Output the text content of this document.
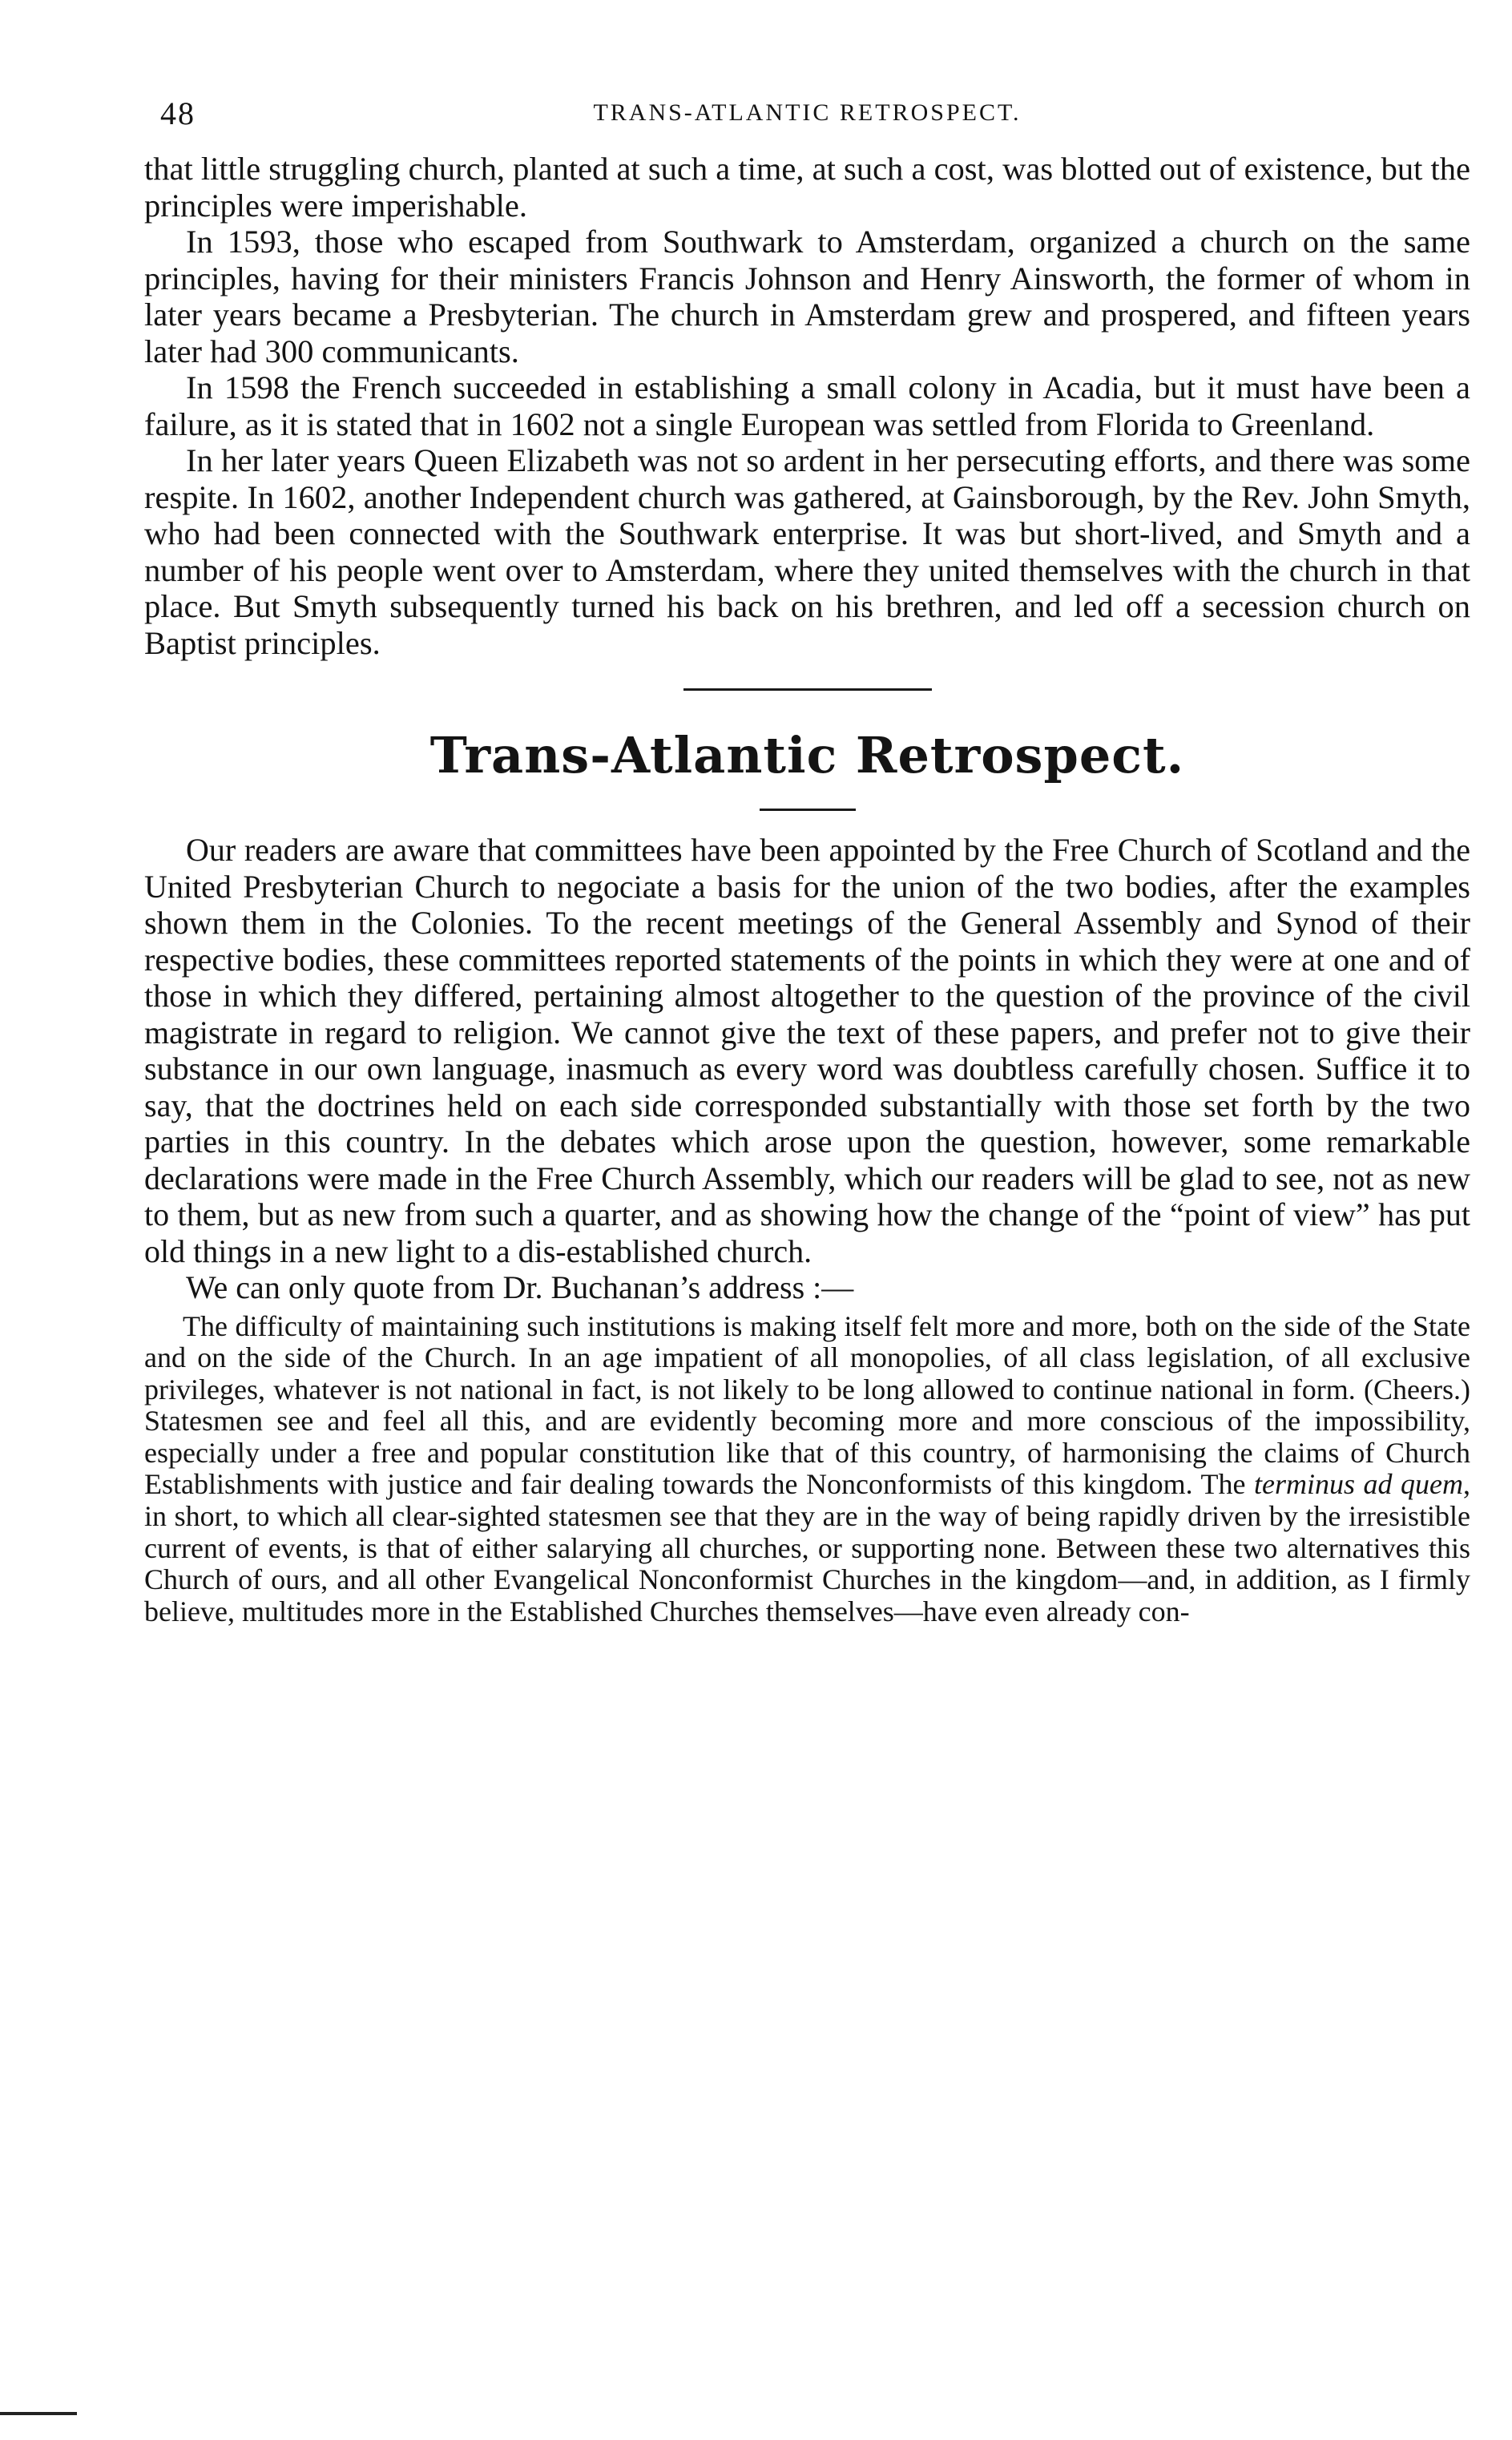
48	TRANS-ATLANTIC RETROSPECT.

that little struggling church, planted at such a time, at such a cost, was blotted out of existence, but the principles were imperishable.

In 1593, those who escaped from Southwark to Amsterdam, organized a church on the same principles, having for their ministers Francis Johnson and Henry Ainsworth, the former of whom in later years became a Presbyterian. The church in Amsterdam grew and prospered, and fifteen years later had 300 communicants.

In 1598 the French succeeded in establishing a small colony in Acadia, but it must have been a failure, as it is stated that in 1602 not a single European was settled from Florida to Greenland.

In her later years Queen Elizabeth was not so ardent in her persecuting efforts, and there was some respite. In 1602, another Independent church was gathered, at Gainsborough, by the Rev. John Smyth, who had been connected with the Southwark enterprise. It was but short-lived, and Smyth and a number of his people went over to Amsterdam, where they united themselves with the church in that place. But Smyth subsequently turned his back on his brethren, and led off a secession church on Baptist principles.

Trans-Atlantic Retrospect.

Our readers are aware that committees have been appointed by the Free Church of Scotland and the United Presbyterian Church to negociate a basis for the union of the two bodies, after the examples shown them in the Colonies. To the recent meetings of the General Assembly and Synod of their respective bodies, these committees reported statements of the points in which they were at one and of those in which they differed, pertaining almost altogether to the question of the province of the civil magistrate in regard to religion. We cannot give the text of these papers, and prefer not to give their substance in our own language, inasmuch as every word was doubtless carefully chosen. Suffice it to say, that the doctrines held on each side corresponded substantially with those set forth by the two parties in this country. In the debates which arose upon the question, however, some remarkable declarations were made in the Free Church Assembly, which our readers will be glad to see, not as new to them, but as new from such a quarter, and as showing how the change of the “point of view” has put old things in a new light to a dis-established church.

We can only quote from Dr. Buchanan’s address :—

The difficulty of maintaining such institutions is making itself felt more and more, both on the side of the State and on the side of the Church. In an age impatient of all monopolies, of all class legislation, of all exclusive privileges, whatever is not national in fact, is not likely to be long allowed to continue national in form. (Cheers.) Statesmen see and feel all this, and are evidently becoming more and more conscious of the impossibility, especially under a free and popular constitution like that of this country, of harmonising the claims of Church Establishments with justice and fair dealing towards the Nonconformists of this kingdom. The terminus ad quem, in short, to which all clear-sighted statesmen see that they are in the way of being rapidly driven by the irresistible current of events, is that of either salarying all churches, or supporting none. Between these two alternatives this Church of ours, and all other Evangelical Nonconformist Churches in the kingdom—and, in addition, as I firmly believe, multitudes more in the Established Churches themselves—have even already con-
